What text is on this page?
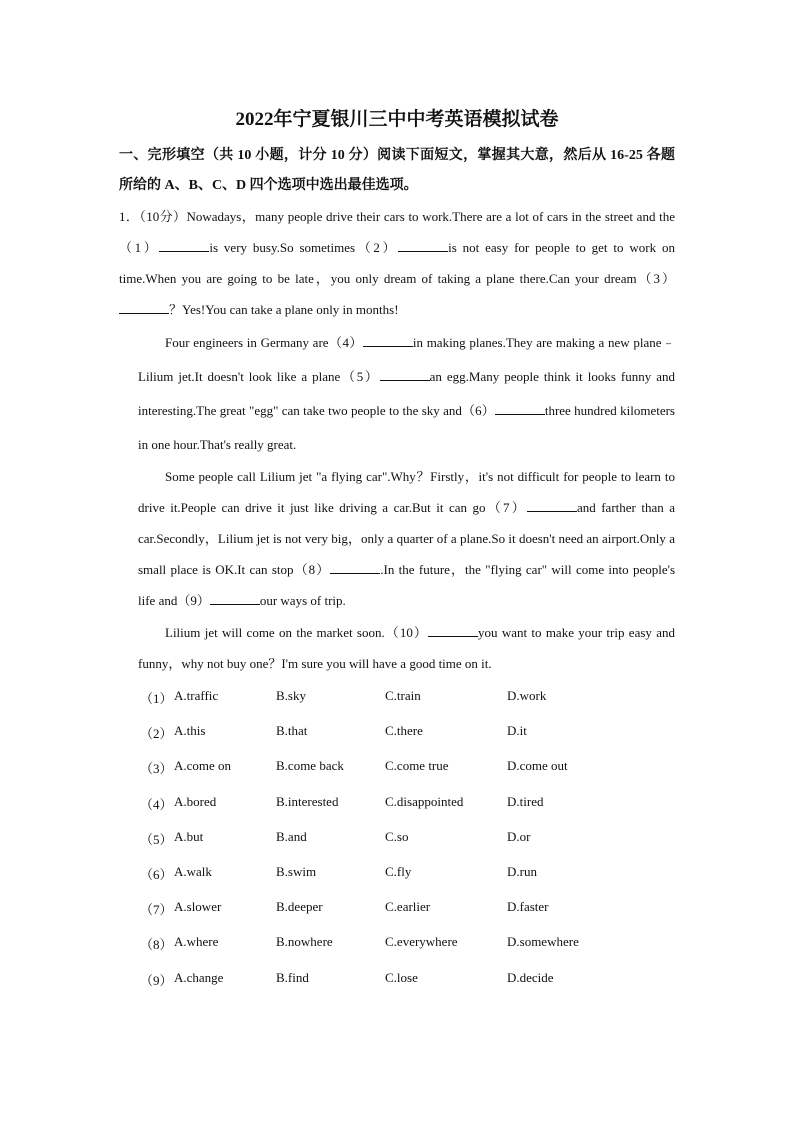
2022年宁夏银川三中中考英语模拟试卷
一、完形填空（共 10 小题，计分 10 分）阅读下面短文，掌握其大意，然后从 16-25 各题所给的 A、B、C、D 四个选项中选出最佳选项。
1．（10分）Nowadays，many people drive their cars to work.There are a lot of cars in the street and the（1）	is very busy.So sometimes（2）	is not easy for people to get to work on time.When you are going to be late，you only dream of taking a plane there.Can your dream（3）？Yes!You can take a plane only in months!
Four engineers in Germany are（4）	in making planes.They are making a new plane﹣Lilium jet.It doesn't look like a plane（5）	an egg.Many people think it looks funny and interesting.The great "egg" can take two people to the sky and（6）	three hundred kilometers in one hour.That's really great.
Some people call Lilium jet "a flying car".Why？Firstly，it's not difficult for people to learn to drive it.People can drive it just like driving a car.But it can go（7）	and farther than a car.Secondly，Lilium jet is not very big，only a quarter of a plane.So it doesn't need an airport.Only a small place is OK.It can stop（8）	.In the future，the "flying car" will come into people's life and（9）	our ways of trip.
Lilium jet will come on the market soon.（10）	you want to make your trip easy and funny，why not buy one？I'm sure you will have a good time on it.
（1） A.traffic	B.sky	C.train	D.work
（2） A.this	B.that	C.there	D.it
（3） A.come on	B.come back	C.come true	D.come out
（4） A.bored	B.interested	C.disappointed	D.tired
（5） A.but	B.and	C.so	D.or
（6） A.walk	B.swim	C.fly	D.run
（7） A.slower	B.deeper	C.earlier	D.faster
（8） A.where	B.nowhere	C.everywhere	D.somewhere
（9） A.change	B.find	C.lose	D.decide
